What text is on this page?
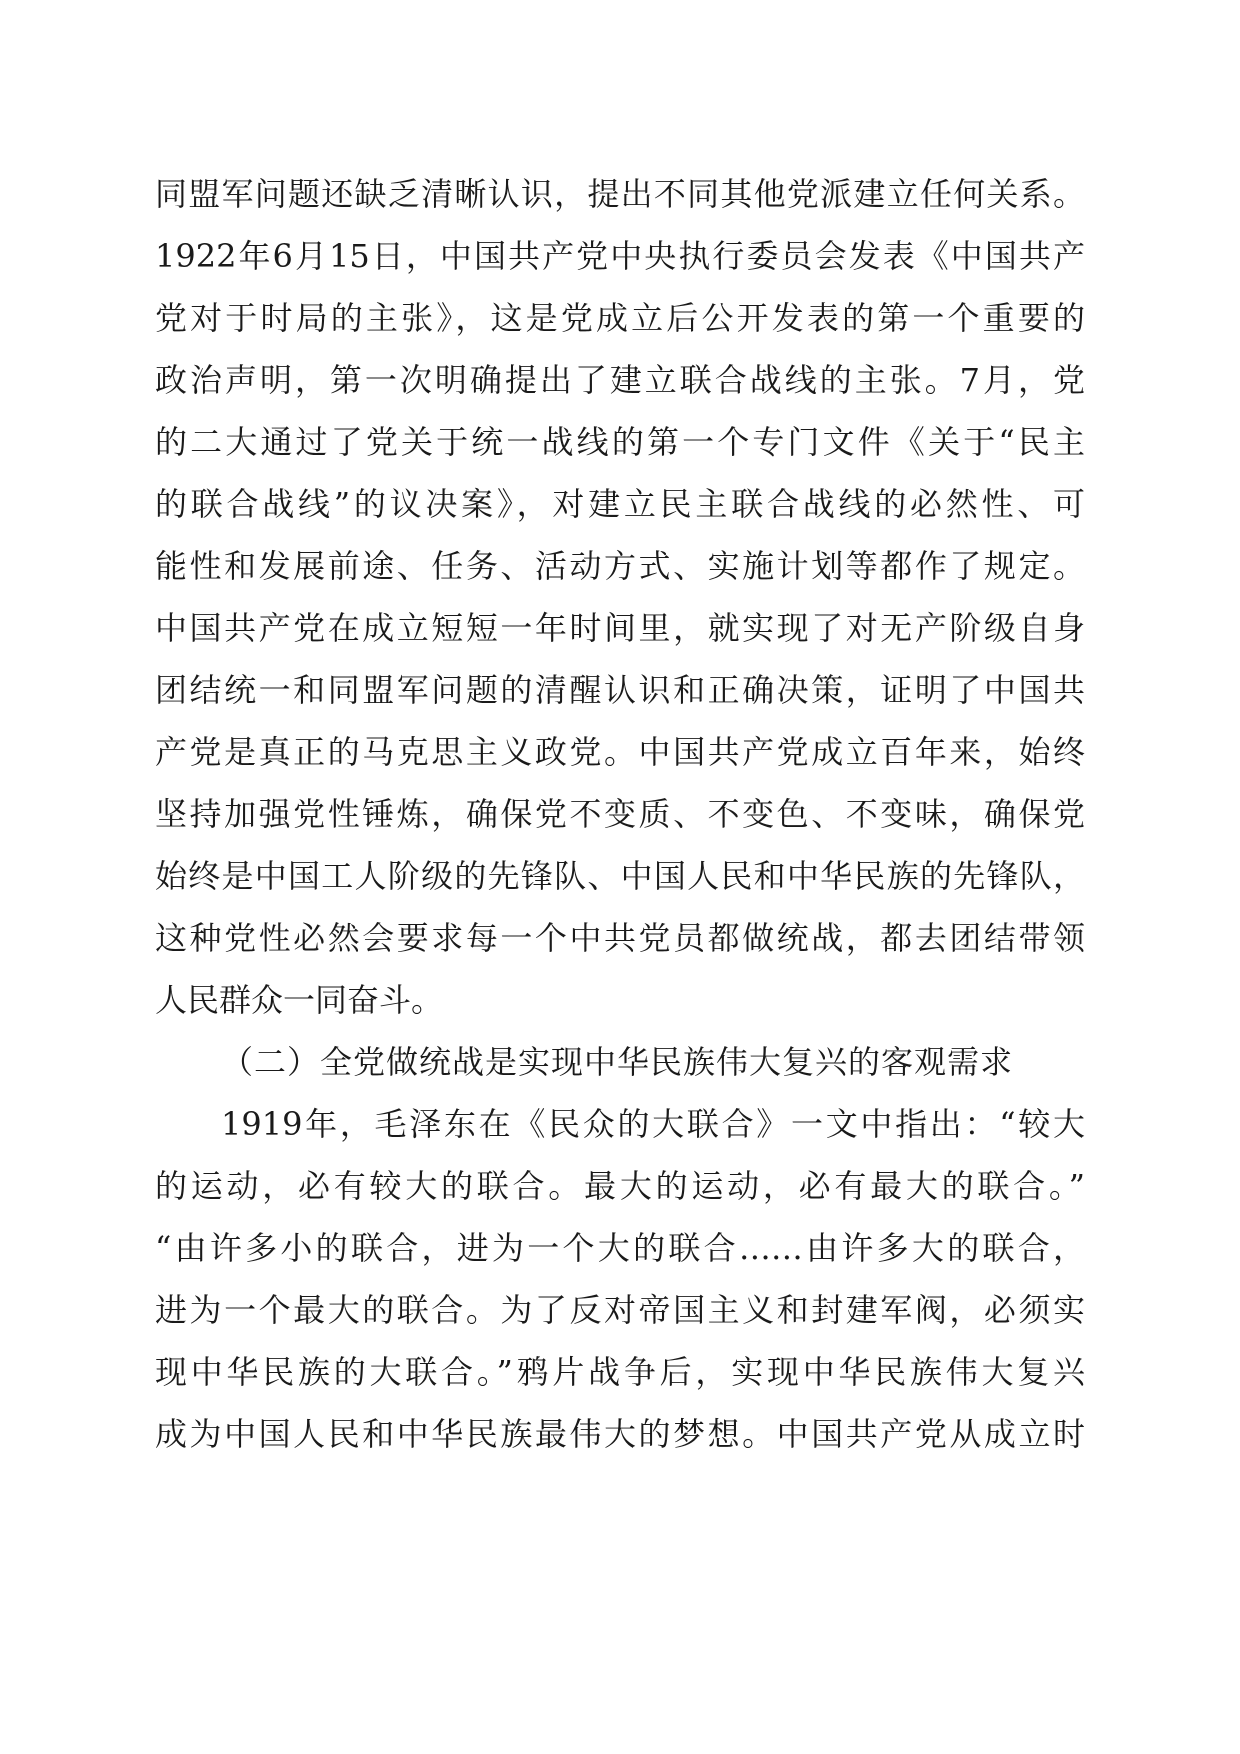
同盟军问题还缺乏清晰认识，提出不同其他党派建立任何关系。
1922年6月15日，中国共产党中央执行委员会发表《中国共产
党对于时局的主张》，这是党成立后公开发表的第一个重要的
政治声明，第一次明确提出了建立联合战线的主张。7月，党
的二大通过了党关于统一战线的第一个专门文件《关于“民主
的联合战线”的议决案》，对建立民主联合战线的必然性、可
能性和发展前途、任务、活动方式、实施计划等都作了规定。
中国共产党在成立短短一年时间里，就实现了对无产阶级自身
团结统一和同盟军问题的清醒认识和正确决策，证明了中国共
产党是真正的马克思主义政党。中国共产党成立百年来，始终
坚持加强党性锤炼，确保党不变质、不变色、不变味，确保党
始终是中国工人阶级的先锋队、中国人民和中华民族的先锋队，
这种党性必然会要求每一个中共党员都做统战，都去团结带领
人民群众一同奋斗。
（二）全党做统战是实现中华民族伟大复兴的客观需求
1919年，毛泽东在《民众的大联合》一文中指出：“较大
的运动，必有较大的联合。最大的运动，必有最大的联合。”
“由许多小的联合，进为一个大的联合……由许多大的联合，
进为一个最大的联合。为了反对帝国主义和封建军阀，必须实
现中华民族的大联合。”鸦片战争后，实现中华民族伟大复兴
成为中国人民和中华民族最伟大的梦想。中国共产党从成立时
